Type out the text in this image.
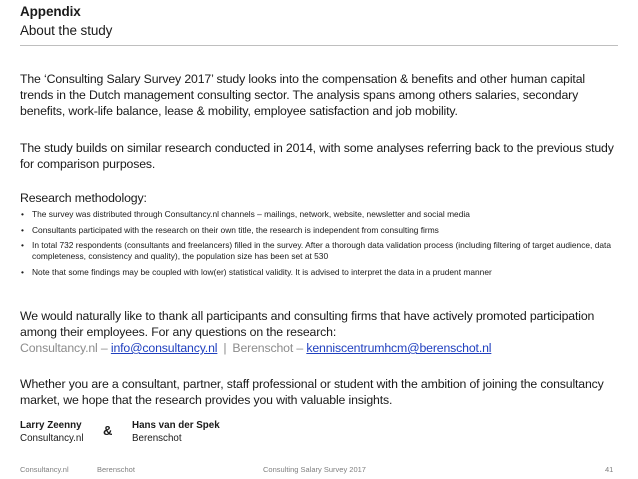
Appendix
About the study

The ‘Consulting Salary Survey 2017’ study looks into the compensation & benefits and other human capital trends in the Dutch management consulting sector. The analysis spans among others salaries, secondary benefits, work-life balance, lease & mobility, employee satisfaction and job mobility.

The study builds on similar research conducted in 2014, with some analyses referring back to the previous study for comparison purposes.

Research methodology:

• The survey was distributed through Consultancy.nl channels – mailings, network, website, newsletter and social media
• Consultants participated with the research on their own title, the research is independent from consulting firms
• In total 732 respondents (consultants and freelancers) filled in the survey. After a thorough data validation process (including filtering of target audience, data completeness, consistency and quality), the population size has been set at 530
• Note that some findings may be coupled with low(er) statistical validity. It is advised to interpret the data in a prudent manner
We would naturally like to thank all participants and consulting firms that have actively promoted participation among their employees. For any questions on the research:
Consultancy.nl – info@consultancy.nl | Berenschot – kenniscentrumhcm@berenschot.nl

Whether you are a consultant, partner, staff professional or student with the ambition of joining the consultancy market, we hope that the research provides you with valuable insights.

Larry Zeenny
Consultancy.nl
& Hans van der Spek
Berenschot
Consultancy.nl	Berenschot	Consulting Salary Survey 2017	41
